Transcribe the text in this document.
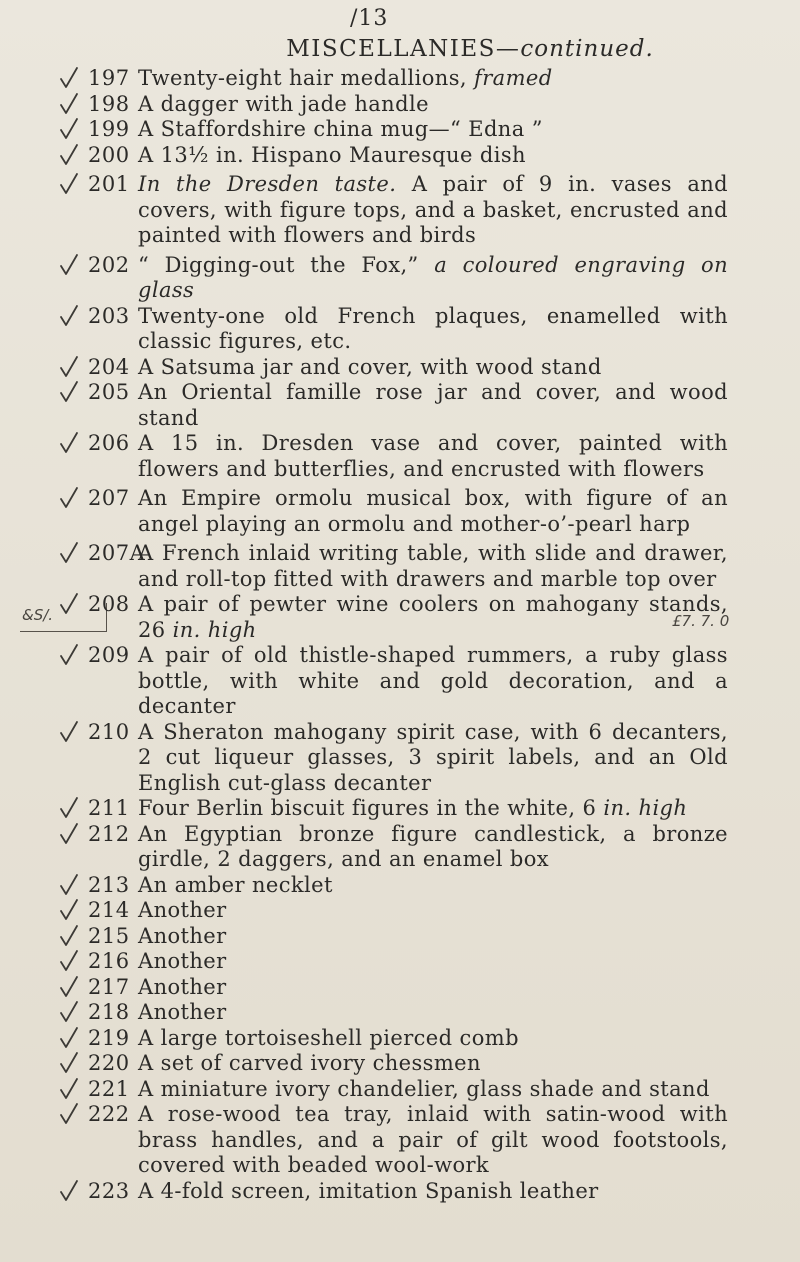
/13
MISCELLANIES—continued.
&S/.	£7. 7. 0
197 Twenty-eight hair medallions, framed
198 A dagger with jade handle
199 A Staffordshire china mug—“ Edna ”
200 A 13½ in. Hispano Mauresque dish
201 In the Dresden taste. A pair of 9 in. vases and covers, with figure tops, and a basket, encrusted and painted with flowers and birds
202 “ Digging-out the Fox,” a coloured engraving on glass
203 Twenty-one old French plaques, enamelled with classic figures, etc.
204 A Satsuma jar and cover, with wood stand
205 An Oriental famille rose jar and cover, and wood stand
206 A 15 in. Dresden vase and cover, painted with flowers and butterflies, and encrusted with flowers
207 An Empire ormolu musical box, with figure of an angel playing an ormolu and mother-o’-pearl harp
207A
A French inlaid writing table, with slide and drawer, and roll-top fitted with drawers and marble top over
208 A pair of pewter wine coolers on mahogany stands, 26 in. high
209 A pair of old thistle-shaped rummers, a ruby glass bottle, with white and gold decoration, and a decanter
210 A Sheraton mahogany spirit case, with 6 decanters, 2 cut liqueur glasses, 3 spirit labels, and an Old English cut-glass decanter
211 Four Berlin biscuit figures in the white, 6 in. high
212 An Egyptian bronze figure candlestick, a bronze girdle, 2 daggers, and an enamel box
213 An amber necklet
214 Another
215 Another
216 Another
217 Another
218 Another
219 A large tortoiseshell pierced comb
220 A set of carved ivory chessmen
221 A miniature ivory chandelier, glass shade and stand
222 A rose-wood tea tray, inlaid with satin-wood with brass handles, and a pair of gilt wood footstools, covered with beaded wool-work
223 A 4-fold screen, imitation Spanish leather
